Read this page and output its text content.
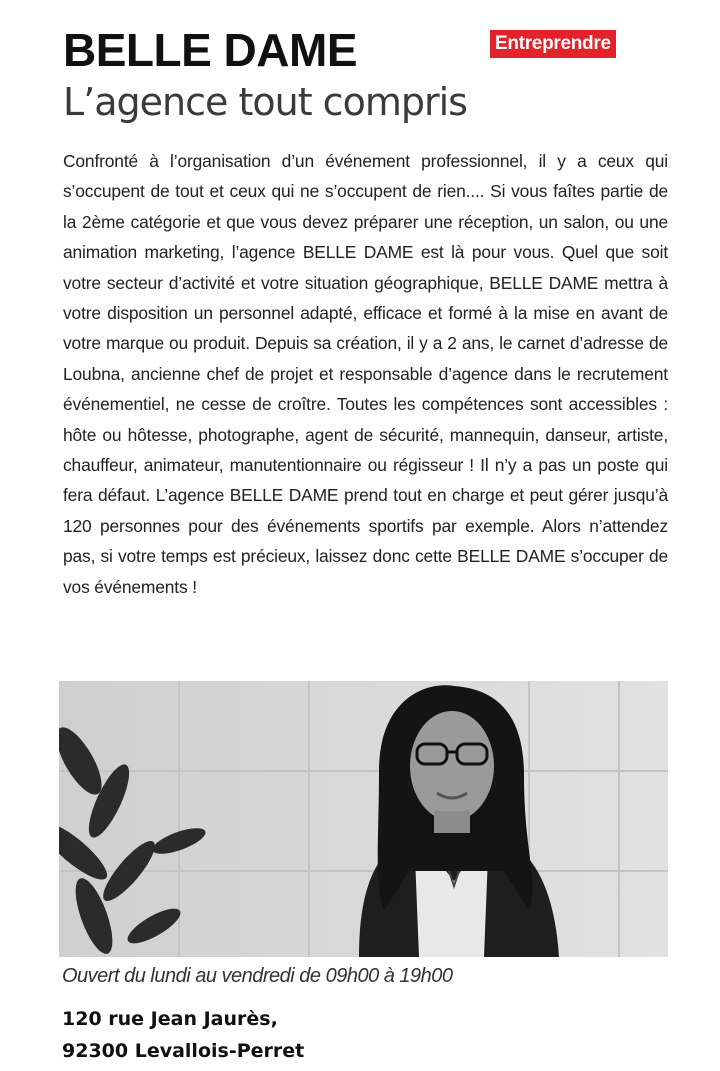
BELLE DAME
L’agence tout compris
Entreprendre

Confronté à l’organisation d’un événement professionnel, il y a ceux qui s’occupent de tout et ceux qui ne s’occupent de rien.... Si vous faîtes partie de la 2ème catégorie et que vous devez préparer une réception, un salon, ou une animation marketing, l’agence BELLE DAME est là pour vous. Quel que soit votre secteur d’activité et votre situation géographique, BELLE DAME mettra à votre disposition un personnel adapté, efficace et formé à la mise en avant de votre marque ou produit. Depuis sa création, il y a 2 ans, le carnet d’adresse de Loubna, ancienne chef de projet et responsable d’agence dans le recrutement événementiel, ne cesse de croître. Toutes les compétences sont accessibles : hôte ou hôtesse, photographe, agent de sécurité, mannequin, danseur, artiste, chauffeur, animateur, manutentionnaire ou régisseur ! Il n’y a pas un poste qui fera défaut. L’agence BELLE DAME prend tout en charge et peut gérer jusqu’à 120 personnes pour des événements sportifs par exemple. Alors n’attendez pas, si votre temps est précieux, laissez donc cette BELLE DAME s’occuper de vos événements !

Ouvert du lundi au vendredi de 09h00 à 19h00

120 rue Jean Jaurès,

92300 Levallois-Perret
